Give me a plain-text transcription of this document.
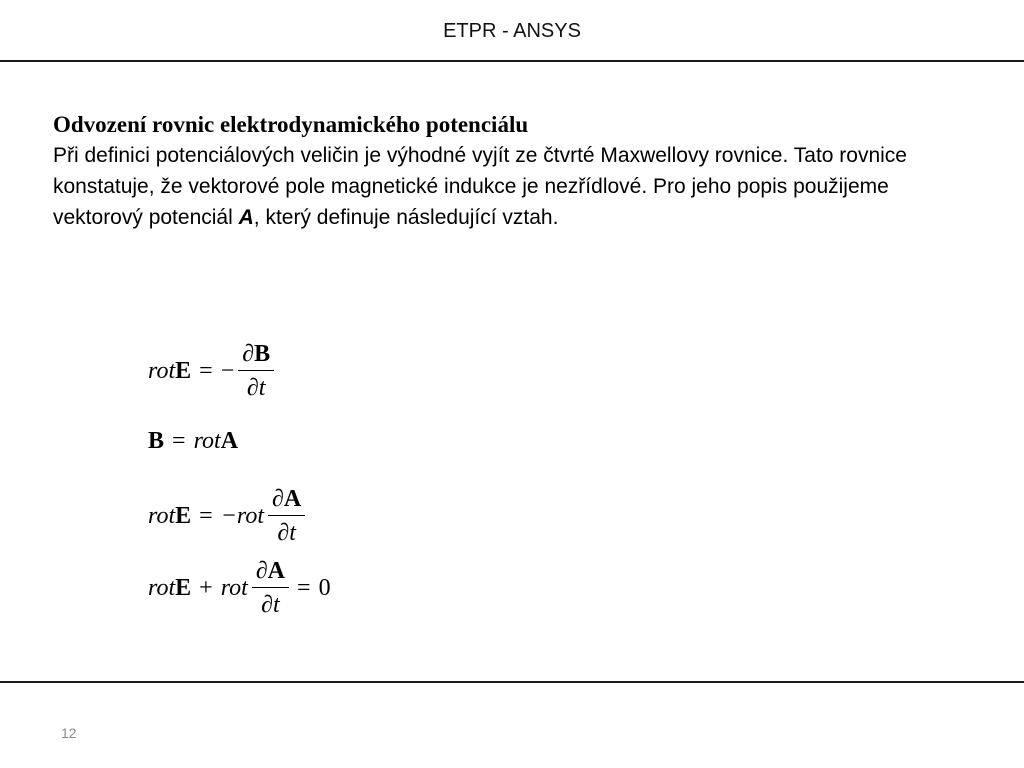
ETPR - ANSYS

Odvození rovnic elektrodynamického potenciálu

Při definici potenciálových veličin je výhodné vyjít ze čtvrté Maxwellovy rovnice. Tato rovnice konstatuje, že vektorové pole magnetické indukce je nezřídlové. Pro jeho popis použijeme vektorový potenciál A, který definuje následující vztah.

rot E = − $\frac{\partial B}{\partial t}$
B = rot A
rot $E = -rot \frac{\partial A}{\partial t}$
rot E + rot $\frac{\partial A}{\partial t} = 0$
12
